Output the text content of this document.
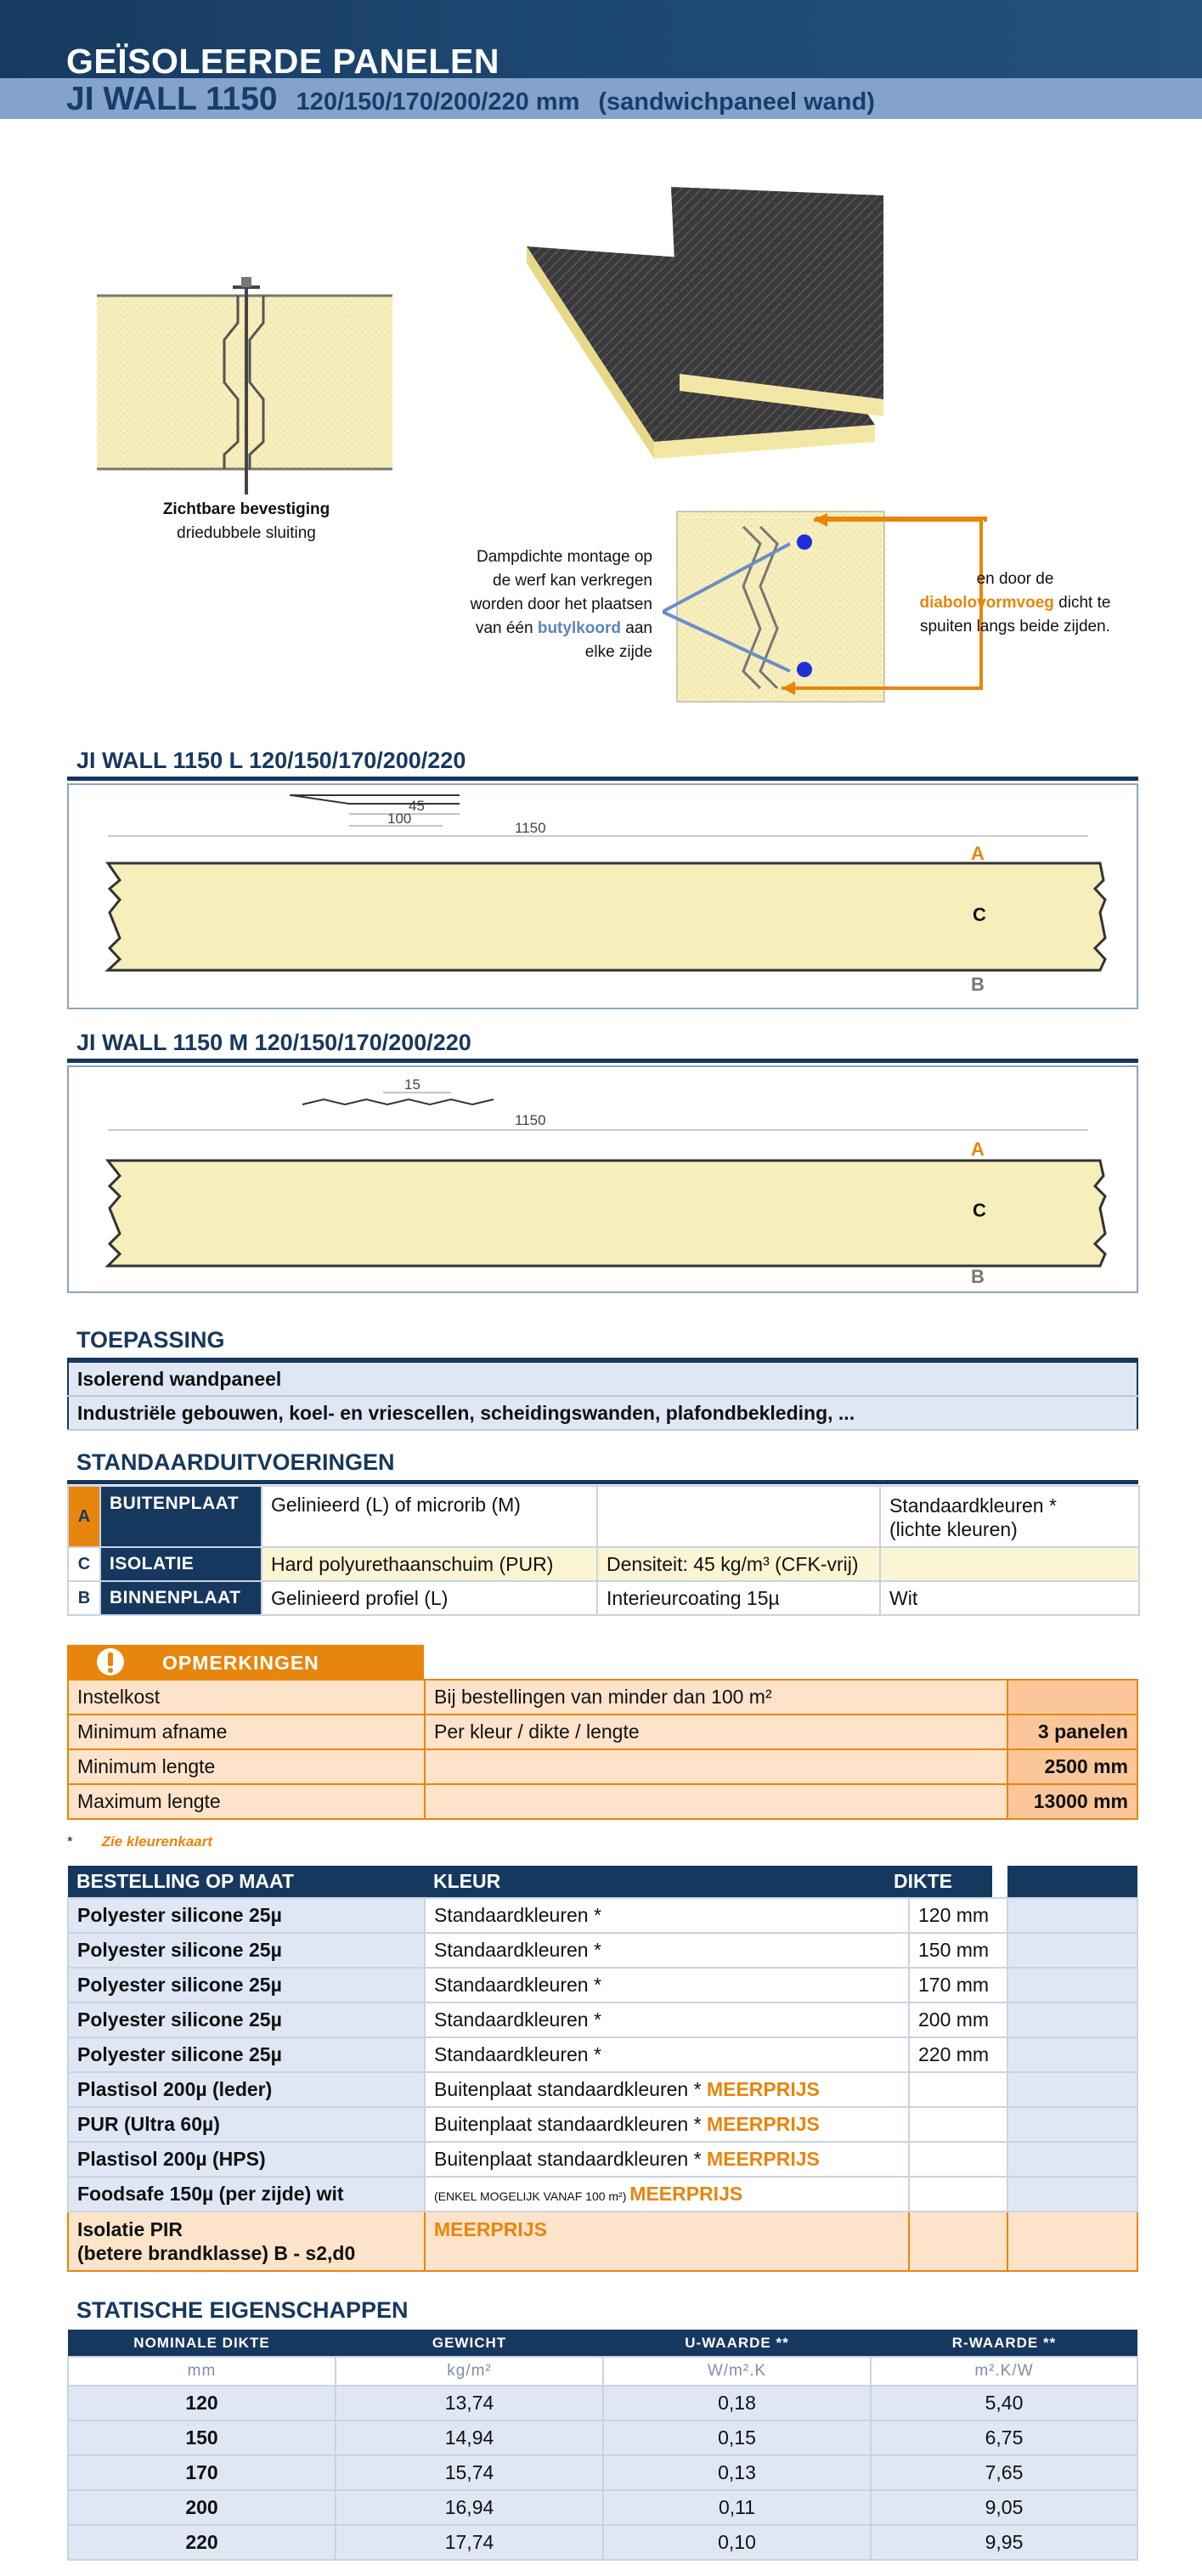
GEÏSOLEERDE PANELEN
JI WALL 1150 120/150/170/200/220 mm (sandwichpaneel wand)
Zichtbare bevestiging
driedubbele sluiting
Dampdichte montage op
de werf kan verkregen
worden door het plaatsen
van één butylkoord aan
elke zijde
en door de
diabolovormvoeg dicht te
spuiten langs beide zijden.
JI WALL 1150 L 120/150/170/200/220
45
100
1150
A
C
B
JI WALL 1150 M 120/150/170/200/220
15
1150
A
C
B
TOEPASSING
Isolerend wandpaneel
Industriële gebouwen, koel- en vriescellen, scheidingswanden, plafondbekleding, ...
STANDAARDUITVOERINGEN
A	BUITENPLAAT	Gelinieerd (L) of microrib (M)		Standaardkleuren *
(lichte kleuren)
C	ISOLATIE	Hard polyurethaanschuim (PUR)	Densiteit: 45 kg/m³ (CFK-vrij)	
B	BINNENPLAAT	Gelinieerd profiel (L)	Interieurcoating 15µ	Wit
OPMERKINGEN
Instelkost	Bij bestellingen van minder dan 100 m²	
Minimum afname	Per kleur / dikte / lengte	3 panelen
Minimum lengte		2500 mm
Maximum lengte		13000 mm
* Zie kleurenkaart
BESTELLING OP MAAT	KLEUR	DIKTE	
Polyester silicone 25µ	Standaardkleuren *	120 mm	
Polyester silicone 25µ	Standaardkleuren *	150 mm	
Polyester silicone 25µ	Standaardkleuren *	170 mm	
Polyester silicone 25µ	Standaardkleuren *	200 mm	
Polyester silicone 25µ	Standaardkleuren *	220 mm	
Plastisol 200µ (leder)	Buitenplaat standaardkleuren * MEERPRIJS		
PUR (Ultra 60µ)	Buitenplaat standaardkleuren * MEERPRIJS		
Plastisol 200µ (HPS)	Buitenplaat standaardkleuren * MEERPRIJS		
Foodsafe 150µ (per zijde) wit	(ENKEL MOGELIJK VANAF 100 m²) MEERPRIJS		
Isolatie PIR
(betere brandklasse) B - s2,d0	MEERPRIJS		
STATISCHE EIGENSCHAPPEN
NOMINALE DIKTE	GEWICHT	U-WAARDE **	R-WAARDE **
mm	kg/m²	W/m².K	m².K/W
120	13,74	0,18	5,40
150	14,94	0,15	6,75
170	15,74	0,13	7,65
200	16,94	0,11	9,05
220	17,74	0,10	9,95
